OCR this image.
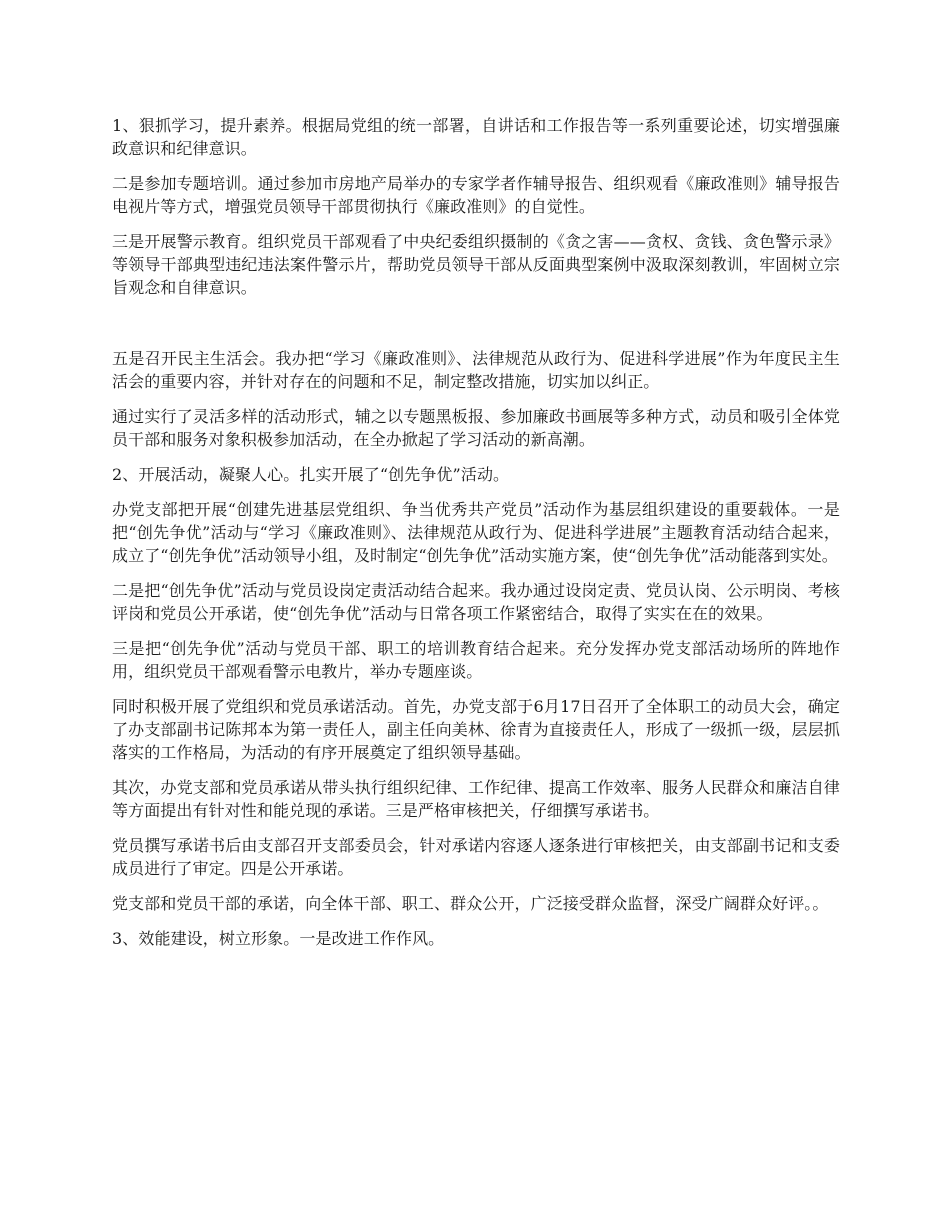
1、狠抓学习，提升素养。根据局党组的统一部署，自讲话和工作报告等一系列重要论述，切实增强廉政意识和纪律意识。

二是参加专题培训。通过参加市房地产局举办的专家学者作辅导报告、组织观看《廉政准则》辅导报告电视片等方式，增强党员领导干部贯彻执行《廉政准则》的自觉性。

三是开展警示教育。组织党员干部观看了中央纪委组织摄制的《贪之害——贪权、贪钱、贪色警示录》等领导干部典型违纪违法案件警示片，帮助党员领导干部从反面典型案例中汲取深刻教训，牢固树立宗旨观念和自律意识。

五是召开民主生活会。我办把“学习《廉政准则》、法律规范从政行为、促进科学进展”作为年度民主生活会的重要内容，并针对存在的问题和不足，制定整改措施，切实加以纠正。

通过实行了灵活多样的活动形式，辅之以专题黑板报、参加廉政书画展等多种方式，动员和吸引全体党员干部和服务对象积极参加活动，在全办掀起了学习活动的新高潮。

2、开展活动，凝聚人心。扎实开展了“创先争优”活动。

办党支部把开展“创建先进基层党组织、争当优秀共产党员”活动作为基层组织建设的重要载体。一是把“创先争优”活动与“学习《廉政准则》、法律规范从政行为、促进科学进展”主题教育活动结合起来，成立了“创先争优”活动领导小组，及时制定“创先争优”活动实施方案，使“创先争优”活动能落到实处。

二是把“创先争优”活动与党员设岗定责活动结合起来。我办通过设岗定责、党员认岗、公示明岗、考核评岗和党员公开承诺，使“创先争优”活动与日常各项工作紧密结合，取得了实实在在的效果。

三是把“创先争优”活动与党员干部、职工的培训教育结合起来。充分发挥办党支部活动场所的阵地作用，组织党员干部观看警示电教片，举办专题座谈。

同时积极开展了党组织和党员承诺活动。首先，办党支部于6月17日召开了全体职工的动员大会，确定了办支部副书记陈邦本为第一责任人，副主任向美林、徐青为直接责任人，形成了一级抓一级，层层抓落实的工作格局，为活动的有序开展奠定了组织领导基础。

其次，办党支部和党员承诺从带头执行组织纪律、工作纪律、提高工作效率、服务人民群众和廉洁自律等方面提出有针对性和能兑现的承诺。三是严格审核把关，仔细撰写承诺书。

党员撰写承诺书后由支部召开支部委员会，针对承诺内容逐人逐条进行审核把关，由支部副书记和支委成员进行了审定。四是公开承诺。

党支部和党员干部的承诺，向全体干部、职工、群众公开，广泛接受群众监督，深受广阔群众好评。。

3、效能建设，树立形象。一是改进工作作风。
